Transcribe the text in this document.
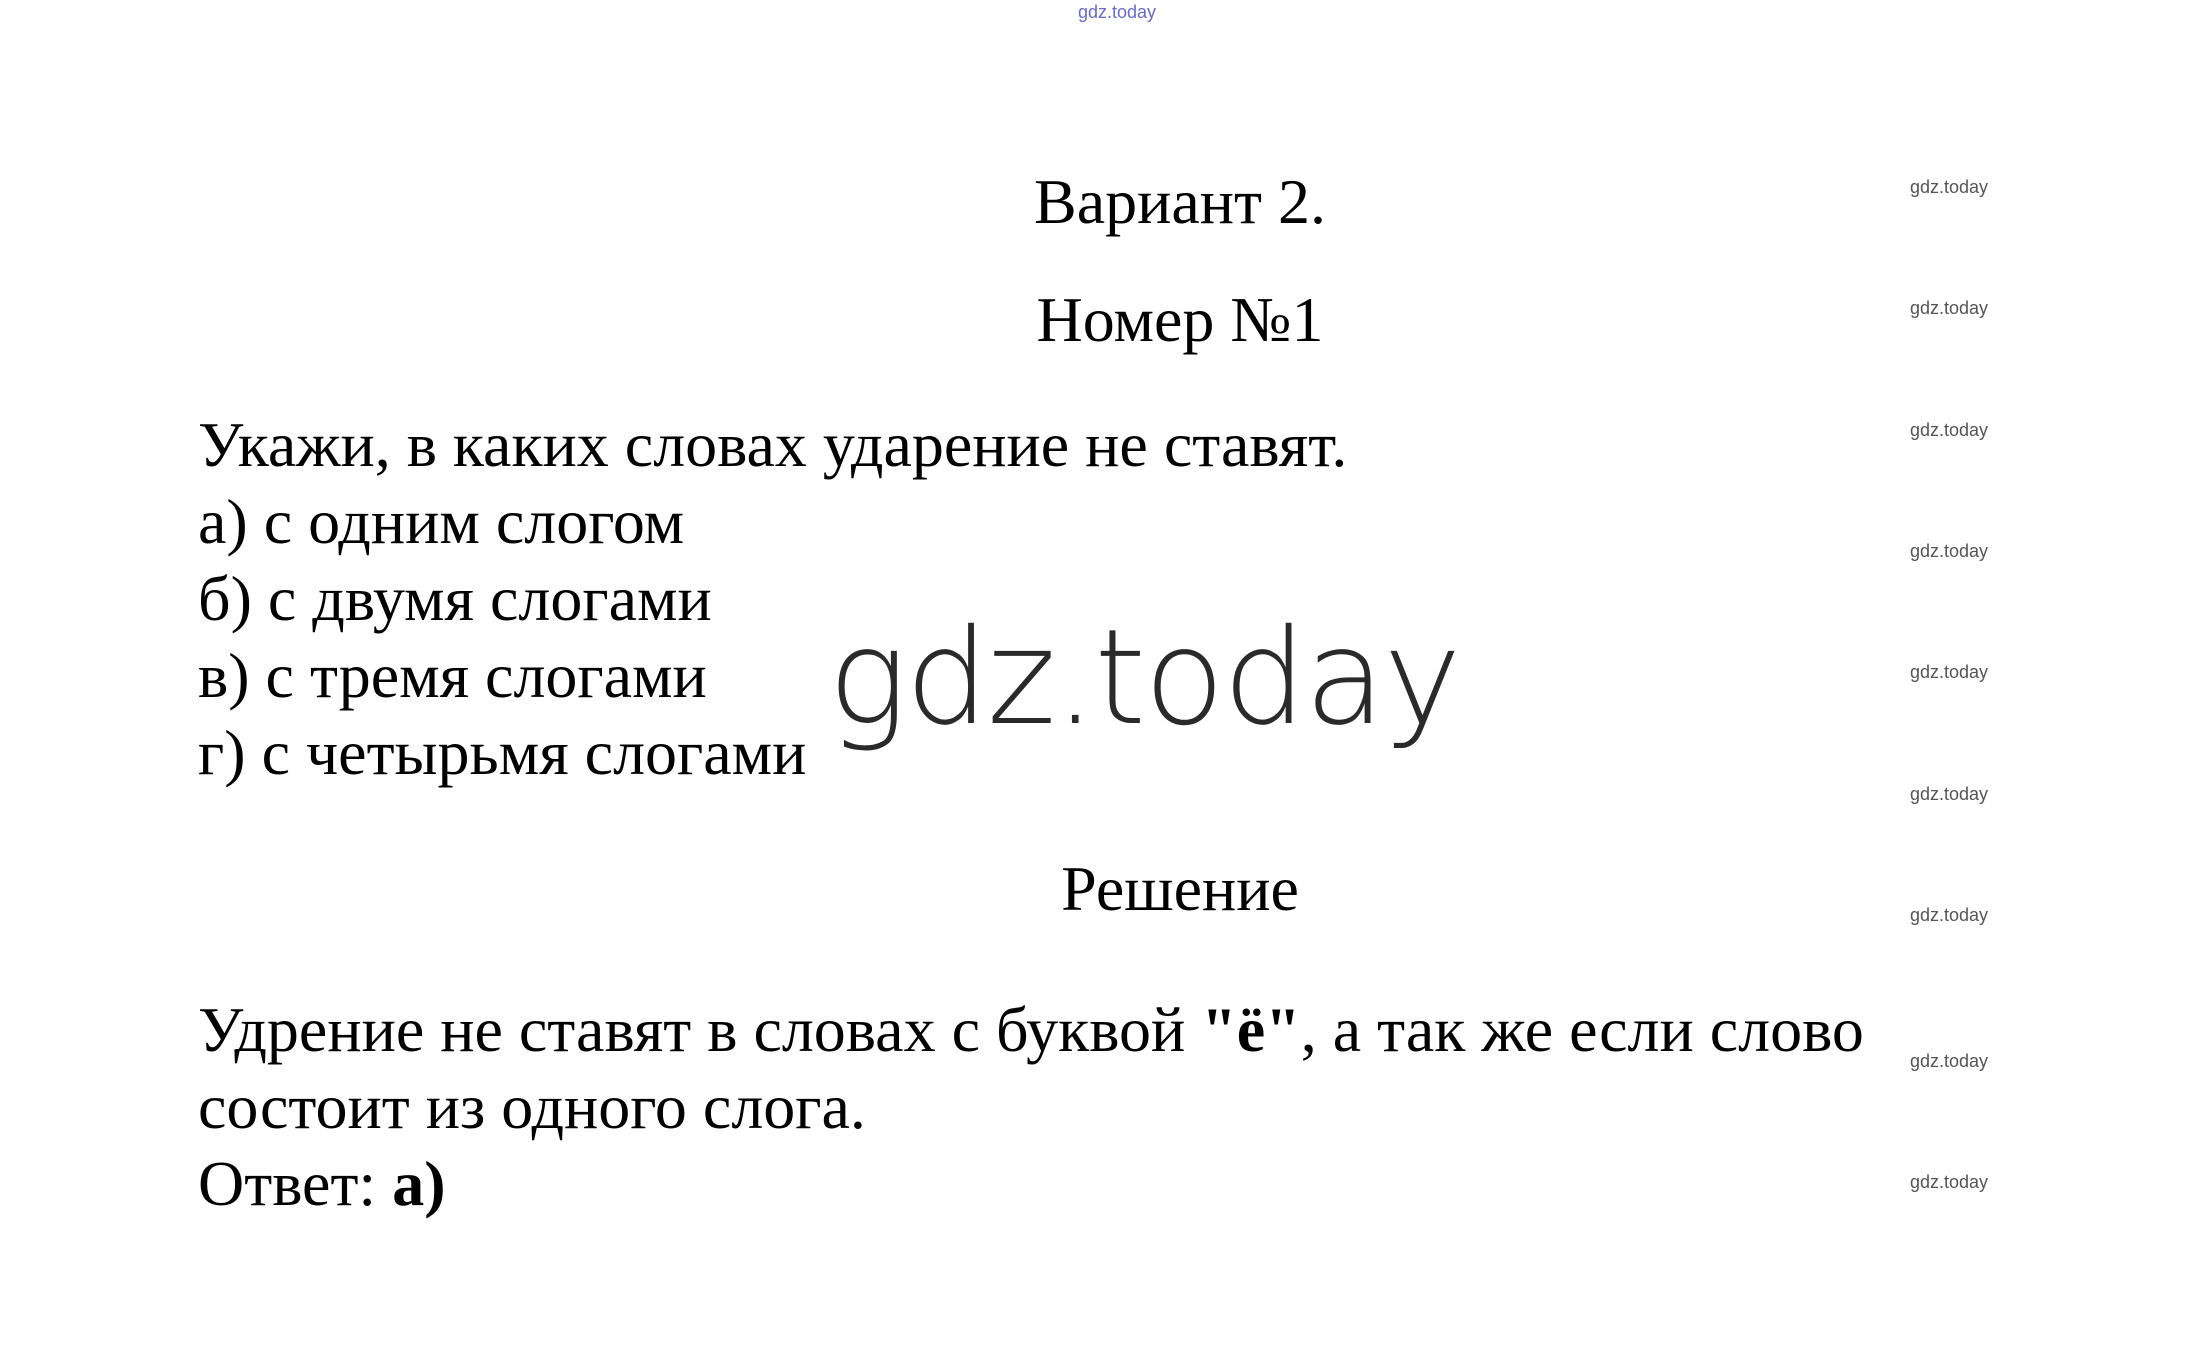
gdz.today
Вариант 2.
Номер №1
Укажи, в каких словах ударение не ставят.
а) с одним слогом
б) с двумя слогами
в) с тремя слогами
г) с четырьмя слогами gdz.today
Решение
Удрение не ставят в словах с буквой "ё", а так же если слово
состоит из одного слога.
Ответ: а)
gdz.today
gdz.today
gdz.today
gdz.today
gdz.today
gdz.today
gdz.today
gdz.today
gdz.today
